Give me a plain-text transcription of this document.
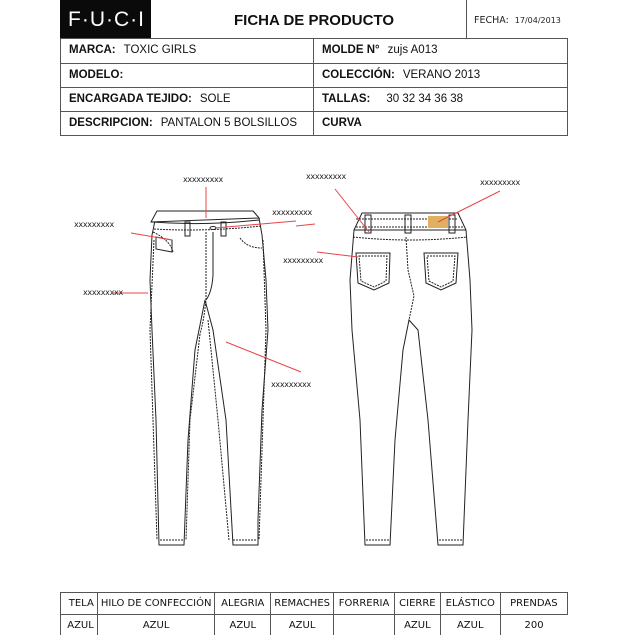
F·U·C·I	FICHA DE PRODUCTO	FECHA: 17/04/2013
MARCA: TOXIC GIRLS	MOLDE N° zujs A013
MODELO:	COLECCIÓN: VERANO 2013
ENCARGADA TEJIDO: SOLE	TALLAS: 30 32 34 36 38
DESCRIPCION: PANTALON 5 BOLSILLOS	CURVA
xxxxxxxxx
xxxxxxxxx
xxxxxxxxx
xxxxxxxxx
xxxxxxxxx
xxxxxxxxx
xxxxxxxxx
xxxxxxxxx
TELA	HILO DE CONFECCIÓN	ALEGRIA	REMACHES	FORRERIA	CIERRE	ELÁSTICO	PRENDAS
AZUL	AZUL	AZUL	AZUL		AZUL	AZUL	200
